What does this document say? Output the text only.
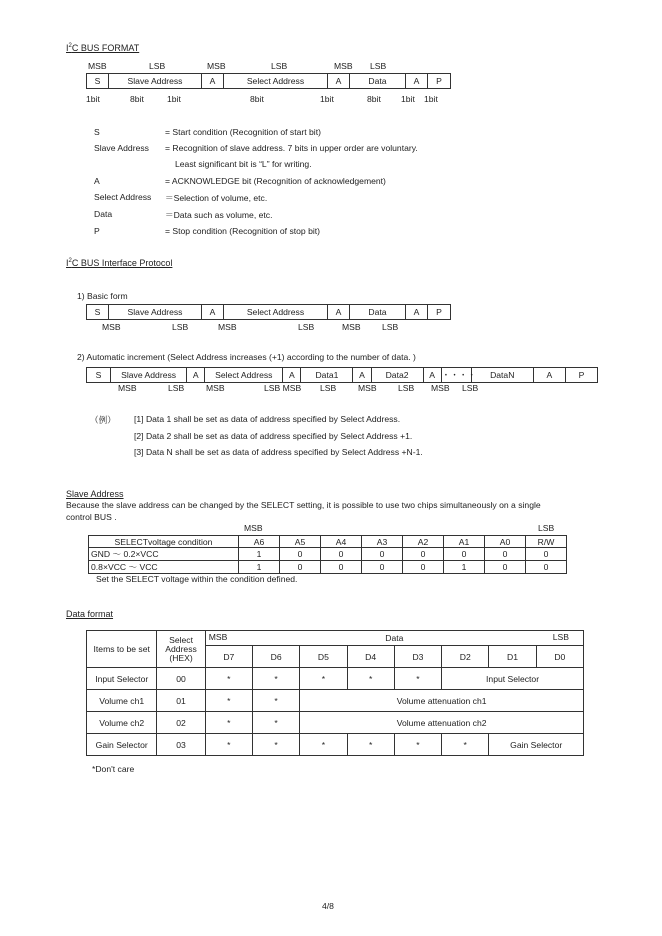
$I^2C$ BUS FORMAT
MSB	LSB	MSB	LSB	MSB LSB
S	Slave Address	A	Select Address	A	Data	A	P
1bit	8bit	1bit	8bit	1bit	8bit 1bit 1bit
S	= Start condition (Recognition of start bit)
Slave Address = Recognition of slave address. 7 bits in upper order are voluntary.
Least significant bit is “L” for writing.
A	= ACKNOWLEDGE bit (Recognition of acknowledgement)
Select Address ＝Selection of volume, etc.
Data	＝Data such as volume, etc.
P	= Stop condition (Recognition of stop bit)
$I^2C$ BUS Interface Protocol
1) Basic form
S	Slave Address	A	Select Address	A	Data	A	P
MSB	LSB	MSB	LSB	MSB LSB
2) Automatic increment (Select Address increases (+1) according to the number of data. )
S	Slave Address	A	Select Address	A	Data1	A	Data2	A	・・・・	DataN	A	P
MSB	LSB	MSB	LSB MSB LSB	MSB LSB MSB LSB
（例） [1] Data 1 shall be set as data of address specified by Select Address.
[2] Data 2 shall be set as data of address specified by Select Address +1.
[3] Data N shall be set as data of address specified by Select Address +N-1.
Slave Address
Because the slave address can be changed by the SELECT setting, it is possible to use two chips simultaneously on a single
control BUS .
MSB	LSB
SELECTvoltage condition	A6	A5	A4	A3	A2	A1	A0	R/W
GND ～ 0.2×VCC	1	0	0	0	0	0	0	0
0.8×VCC ～ VCC	1	0	0	0	0	1	0	0
Set the SELECT voltage within the condition defined.
Data format
Items to be set	Select
Address
(HEX)	MSB Data LSB							

		D7	D6	D5	D4	D3	D2	D1	D0
Input Selector	00	*	*	*	*	*	Input Selector		
Volume ch1	01	*	*	Volume attenuation ch1					
Volume ch2	02	*	*	Volume attenuation ch2					
Gain Selector	03	*	*	*	*	*	*	Gain Selector	
*Don't care
4/8
